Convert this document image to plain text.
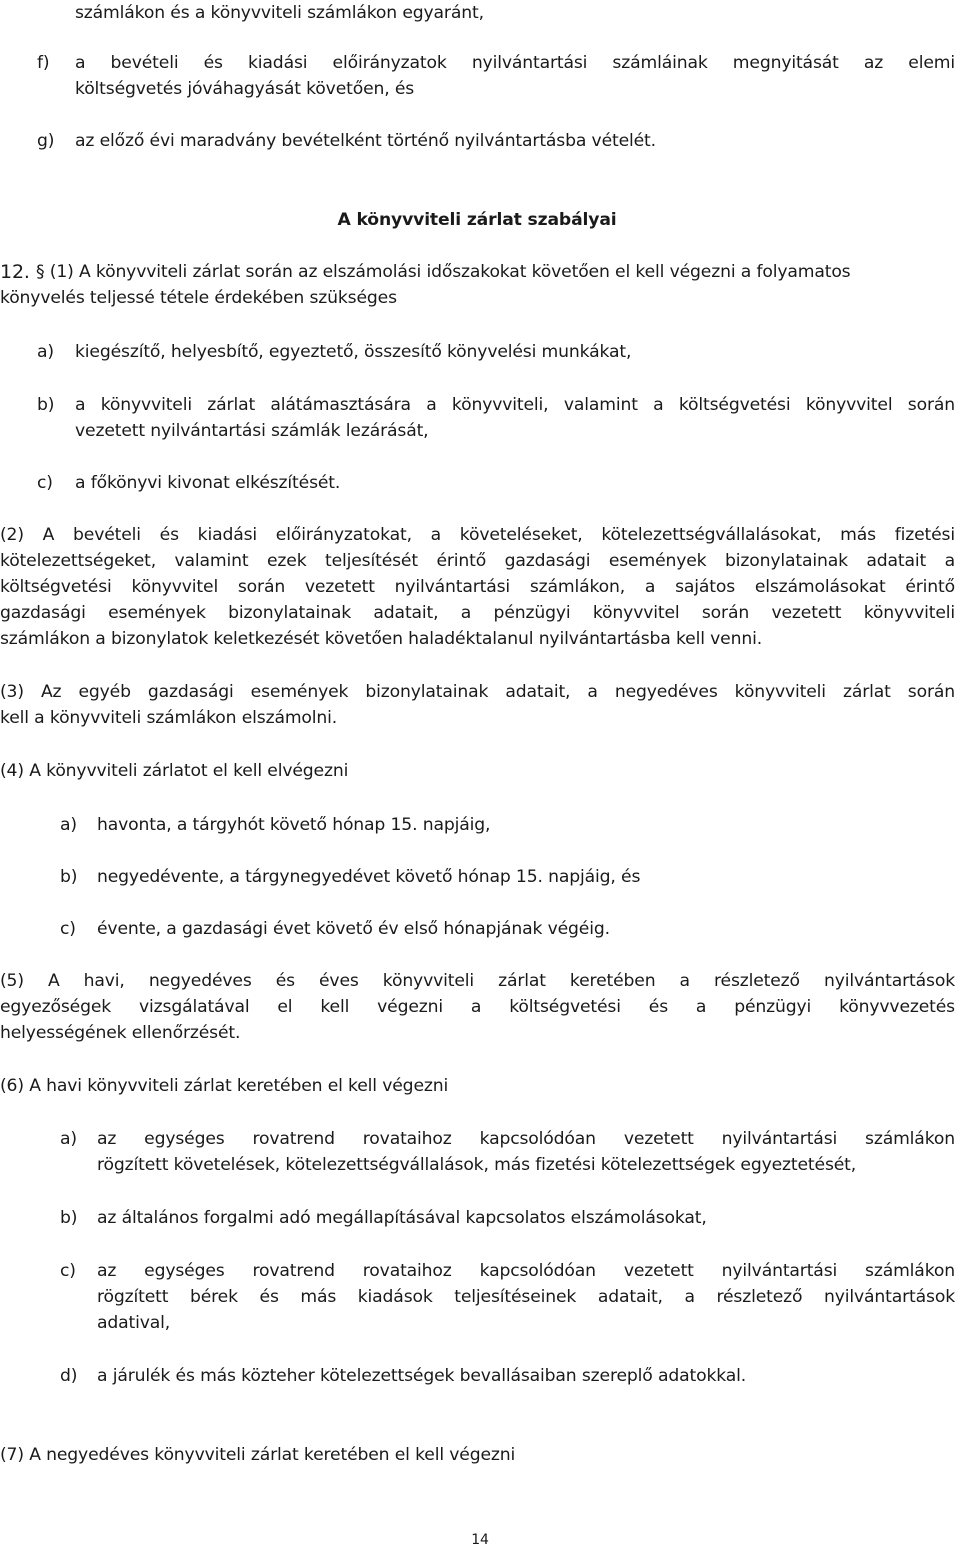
számlákon és a könyvviteli számlákon egyaránt,
f) a bevételi és kiadási előirányzatok nyilvántartási számláinak megnyitását az elemi
költségvetés jóváhagyását követően, és
g) az előző évi maradvány bevételként történő nyilvántartásba vételét.
A könyvviteli zárlat szabályai
12. § (1) A könyvviteli zárlat során az elszámolási időszakokat követően el kell végezni a folyamatos
könyvelés teljessé tétele érdekében szükséges
a) kiegészítő, helyesbítő, egyeztető, összesítő könyvelési munkákat,
b) a könyvviteli zárlat alátámasztására a könyvviteli, valamint a költségvetési könyvvitel során
vezetett nyilvántartási számlák lezárását,
c) a főkönyvi kivonat elkészítését.
(2) A bevételi és kiadási előirányzatokat, a követeléseket, kötelezettségvállalásokat, más fizetési
kötelezettségeket, valamint ezek teljesítését érintő gazdasági események bizonylatainak adatait a
költségvetési könyvvitel során vezetett nyilvántartási számlákon, a sajátos elszámolásokat érintő
gazdasági események bizonylatainak adatait, a pénzügyi könyvvitel során vezetett könyvviteli
számlákon a bizonylatok keletkezését követően haladéktalanul nyilvántartásba kell venni.
(3) Az egyéb gazdasági események bizonylatainak adatait, a negyedéves könyvviteli zárlat során
kell a könyvviteli számlákon elszámolni.
(4) A könyvviteli zárlatot el kell elvégezni
a) havonta, a tárgyhót követő hónap 15. napjáig,
b) negyedévente, a tárgynegyedévet követő hónap 15. napjáig, és
c) évente, a gazdasági évet követő év első hónapjának végéig.
(5) A havi, negyedéves és éves könyvviteli zárlat keretében a részletező nyilvántartások
egyezőségek vizsgálatával el kell végezni a költségvetési és a pénzügyi könyvvezetés
helyességének ellenőrzését.
(6) A havi könyvviteli zárlat keretében el kell végezni
a) az egységes rovatrend rovataihoz kapcsolódóan vezetett nyilvántartási számlákon
rögzített követelések, kötelezettségvállalások, más fizetési kötelezettségek egyeztetését,
b) az általános forgalmi adó megállapításával kapcsolatos elszámolásokat,
c) az egységes rovatrend rovataihoz kapcsolódóan vezetett nyilvántartási számlákon
rögzített bérek és más kiadások teljesítéseinek adatait, a részletező nyilvántartások
adatival,
d) a járulék és más közteher kötelezettségek bevallásaiban szereplő adatokkal.
(7) A negyedéves könyvviteli zárlat keretében el kell végezni
14
